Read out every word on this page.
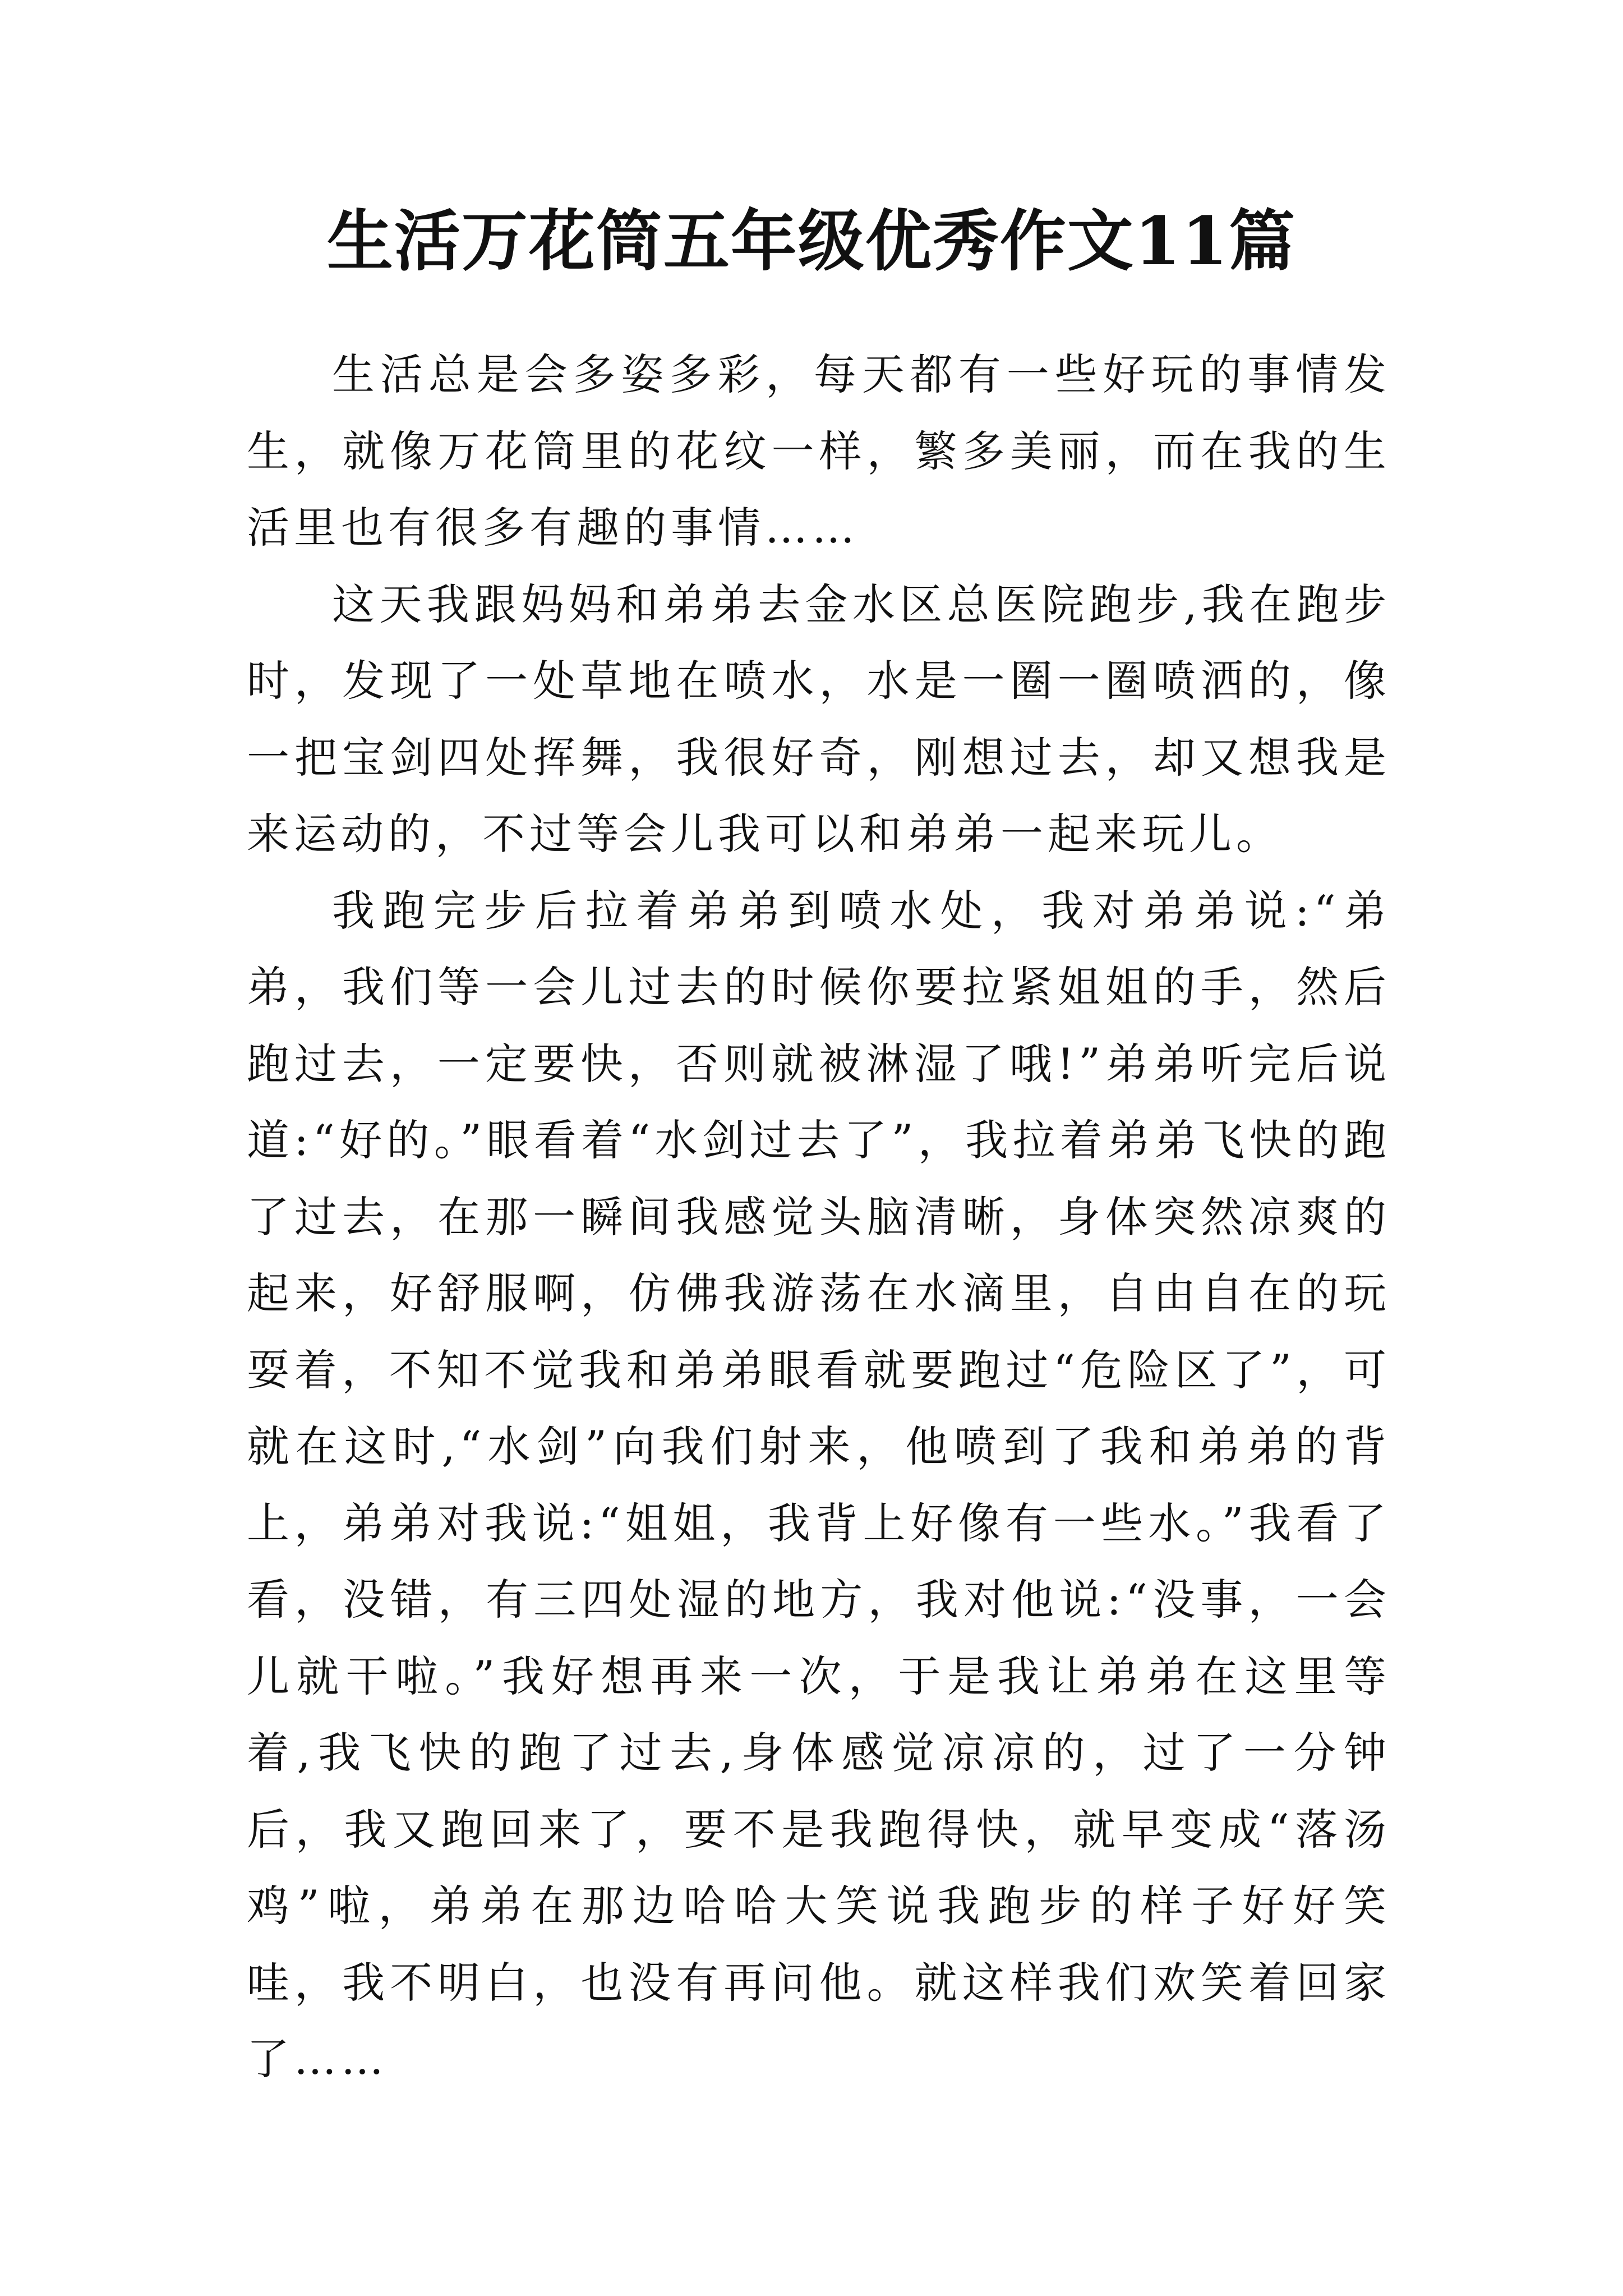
生活万花筒五年级优秀作文11篇

生活总是会多姿多彩，每天都有一些好玩的事情发生，就像万花筒里的花纹一样，繁多美丽，而在我的生活里也有很多有趣的事情……

这天我跟妈妈和弟弟去金水区总医院跑步,我在跑步时，发现了一处草地在喷水，水是一圈一圈喷洒的，像一把宝剑四处挥舞，我很好奇，刚想过去，却又想我是来运动的，不过等会儿我可以和弟弟一起来玩儿。

我跑完步后拉着弟弟到喷水处，我对弟弟说:“弟弟，我们等一会儿过去的时候你要拉紧姐姐的手，然后跑过去，一定要快，否则就被淋湿了哦!”弟弟听完后说道:“好的。”眼看着“水剑过去了”，我拉着弟弟飞快的跑了过去，在那一瞬间我感觉头脑清晰，身体突然凉爽的起来，好舒服啊，仿佛我游荡在水滴里，自由自在的玩耍着，不知不觉我和弟弟眼看就要跑过“危险区了”，可就在这时,“水剑”向我们射来，他喷到了我和弟弟的背上，弟弟对我说:“姐姐，我背上好像有一些水。”我看了看，没错，有三四处湿的地方，我对他说:“没事，一会儿就干啦。”我好想再来一次，于是我让弟弟在这里等着,我飞快的跑了过去,身体感觉凉凉的，过了一分钟后，我又跑回来了，要不是我跑得快，就早变成“落汤鸡”啦，弟弟在那边哈哈大笑说我跑步的样子好好笑哇，我不明白，也没有再问他。就这样我们欢笑着回家了……
